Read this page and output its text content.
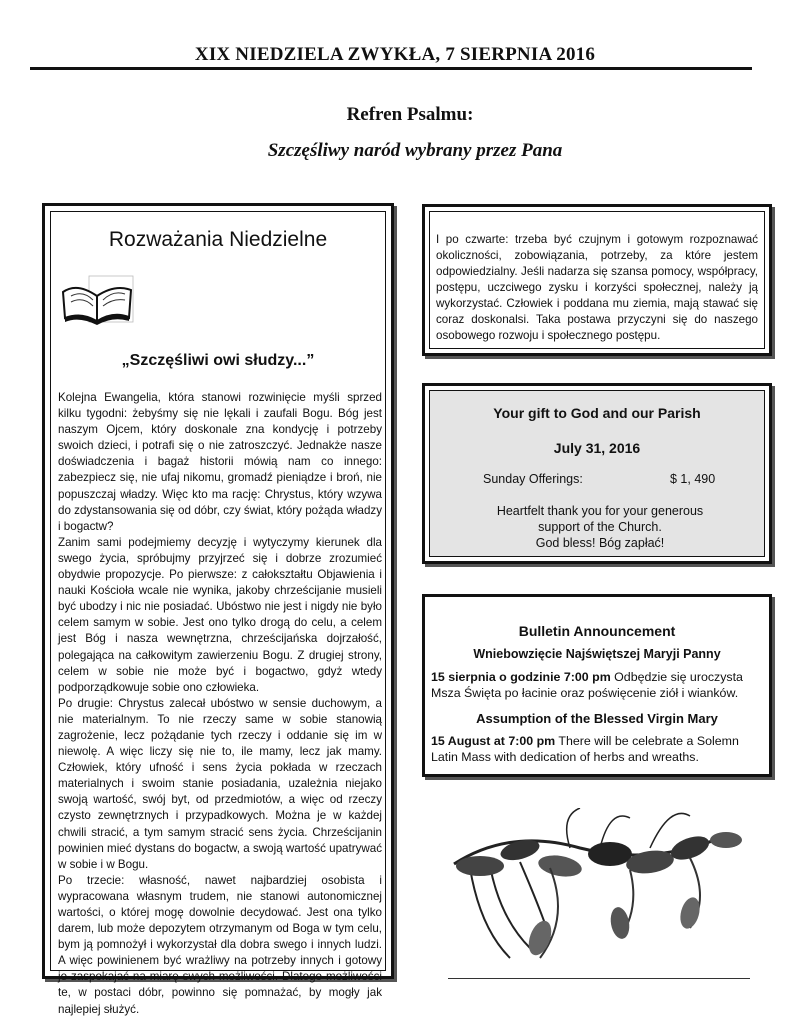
XIX NIEDZIELA ZWYKŁA, 7 SIERPNIA 2016
Refren Psalmu:
Szczęśliwy naród wybrany przez Pana
Rozważania Niedzielne
„Szczęśliwi owi słudzy...”

Kolejna Ewangelia, która stanowi rozwinięcie myśli sprzed kilku tygodni: żebyśmy się nie lękali i zaufali Bogu. Bóg jest naszym Ojcem, który doskonale zna kondycję i potrzeby swoich dzieci, i potrafi się o nie zatroszczyć. Jednakże nasze doświadczenia i bagaż historii mówią nam co innego: zabezpiecz się, nie ufaj nikomu, gromadź pieniądze i broń, nie popuszczaj władzy. Więc kto ma rację: Chrystus, który wzywa do zdystansowania się od dóbr, czy świat, który pożąda władzy i bogactw?

Zanim sami podejmiemy decyzję i wytyczymy kierunek dla swego życia, spróbujmy przyjrzeć się i dobrze zrozumieć obydwie propozycje. Po pierwsze: z całokształtu Objawienia i nauki Kościoła wcale nie wynika, jakoby chrześcijanie musieli być ubodzy i nic nie posiadać. Ubóstwo nie jest i nigdy nie było celem samym w sobie. Jest ono tylko drogą do celu, a celem jest Bóg i nasza wewnętrzna, chrześcijańska dojrzałość, polegająca na całkowitym zawierzeniu Bogu. Z drugiej strony, celem w sobie nie może być i bogactwo, gdyż wtedy podporządkowuje sobie ono człowieka.

Po drugie: Chrystus zalecał ubóstwo w sensie duchowym, a nie materialnym. To nie rzeczy same w sobie stanowią zagrożenie, lecz pożądanie tych rzeczy i oddanie się im w niewolę. A więc liczy się nie to, ile mamy, lecz jak mamy. Człowiek, który ufność i sens życia pokłada w rzeczach materialnych i swoim stanie posiadania, uzależnia niejako swoją wartość, swój byt, od przedmiotów, a więc od rzeczy czysto zewnętrznych i przypadkowych. Można je w każdej chwili stracić, a tym samym stracić sens życia. Chrześcijanin powinien mieć dystans do bogactw, a swoją wartość upatrywać w sobie i w Bogu.

Po trzecie: własność, nawet najbardziej osobista i wypracowana własnym trudem, nie stanowi autonomicznej wartości, o której mogę dowolnie decydować. Jest ona tylko darem, lub może depozytem otrzymanym od Boga w tym celu, bym ją pomnożył i wykorzystał dla dobra swego i innych ludzi. A więc powinienem być wrażliwy na potrzeby innych i gotowy je zaspokajać na miarę swych możliwości. Dlatego możliwości te, w postaci dóbr, powinno się pomnażać, by mogły jak najlepiej służyć.

I po czwarte: trzeba być czujnym i gotowym rozpoznawać okoliczności, zobowiązania, potrzeby, za które jestem odpowiedzialny. Jeśli nadarza się szansa pomocy, współpracy, postępu, uczciwego zysku i korzyści społecznej, należy ją wykorzystać. Człowiek i poddana mu ziemia, mają stawać się coraz doskonalsi. Taka postawa przyczyni się do naszego osobowego rozwoju i społecznego postępu.
Your gift to God and our Parish
July 31, 2016
Sunday Offerings:	$ 1, 490
Heartfelt thank you for your generous
support of the Church.
God bless! Bóg zapłać!
Bulletin Announcement
Wniebowzięcie Najświętszej Maryji Panny
15 sierpnia o godzinie 7:00 pm Odbędzie się uroczysta Msza Święta po łacinie oraz poświęcenie ziół i wianków.
Assumption of the Blessed Virgin Mary
15 August at 7:00 pm There will be celebrate a Solemn Latin Mass with dedication of herbs and wreaths.
